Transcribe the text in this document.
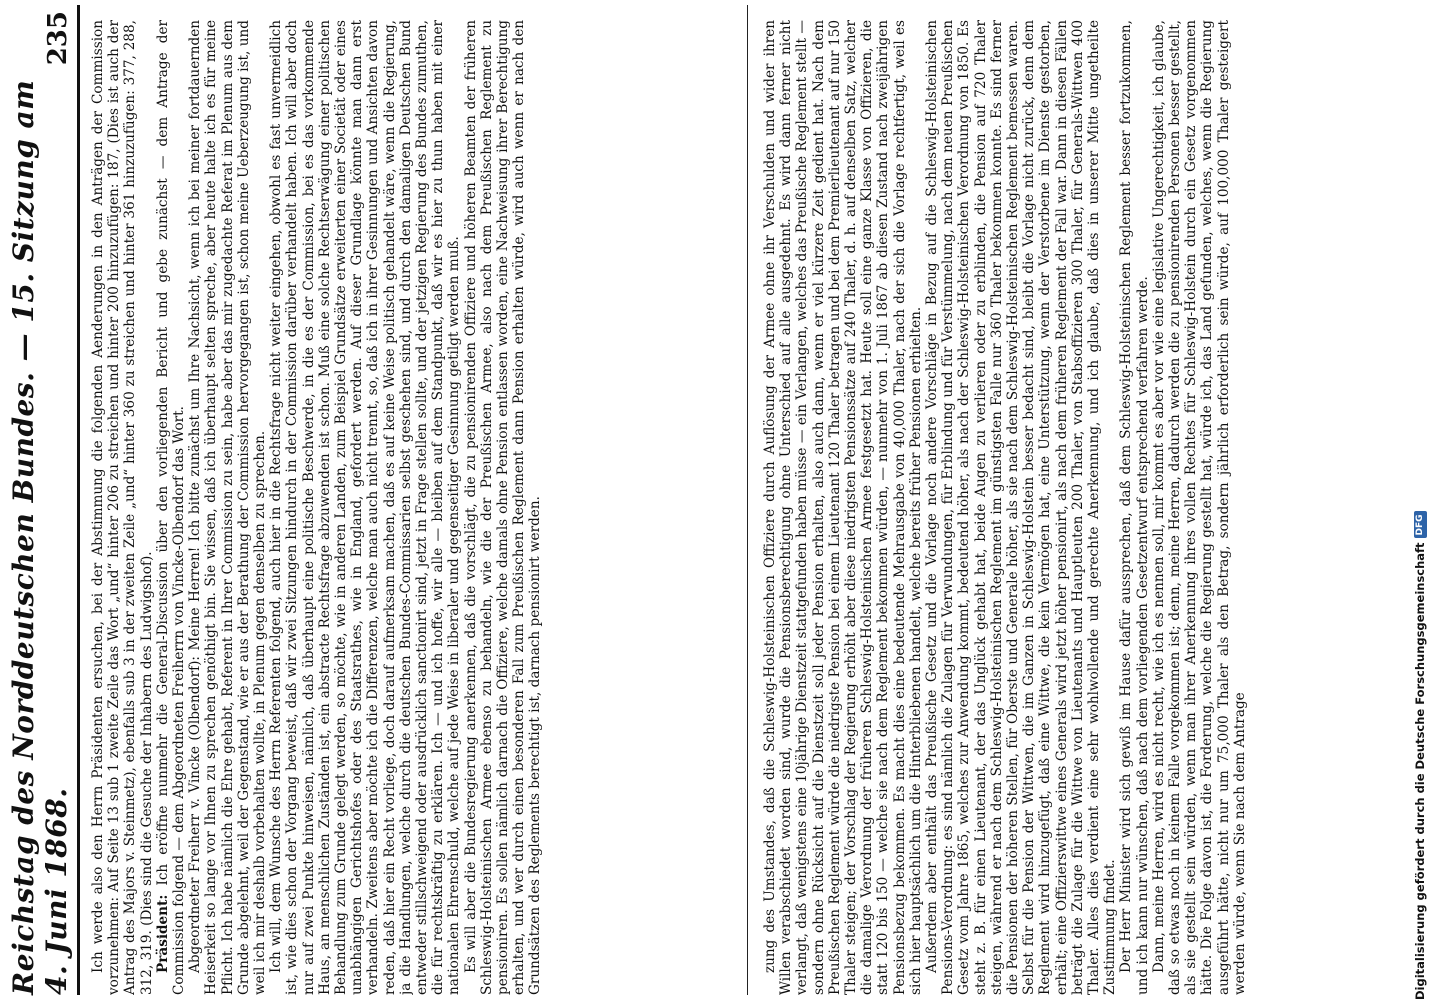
Reichstag des Norddeutschen Bundes. — 15. Sitzung am 4. Juni 1868.
235 Ich werde also den Herrn Präsidenten ersuchen, bei der Abstimmung die folgenden Aenderungen in den Anträgen der Commission vorzunehmen: Auf Seite 13 sub 1 zweite Zeile das Wort „und“ hinter 206 zu streichen und hinter 200 hinzuzufügen: 187, (Dies ist auch der Antrag des Majors v. Steinmetz), ebenfalls sub 3 in der zweiten Zeile „und“ hinter 360 zu streichen und hinter 361 hinzuzufügen: 377, 288, 312, 319. (Dies sind die Gesuche der Inhabern des Ludwigshof). Präsident: Ich eröffne nunmehr die General-Discussion über den vorliegenden Bericht und gebe zunächst — dem Antrage der Commission folgend — dem Abgeordneten Freiherrn von Vincke-Olbendorf das Wort. Abgeordneter Freiherr v. Vincke (Olbendorf): Meine Herren! Ich bitte zunächst um Ihre Nachsicht, wenn ich bei meiner fortdauernden Heiserkeit so lange vor Ihnen zu sprechen genöthigt bin. Sie wissen, daß ich überhaupt selten spreche, aber heute halte ich es für meine Pflicht. Ich habe nämlich die Ehre gehabt, Referent in Ihrer Commission zu sein, habe aber das mir zugedachte Referat im Plenum aus dem Grunde abgelehnt, weil der Gegenstand, wie er aus der Berathung der Commission hervorgegangen ist, schon meine Ueberzeugung ist, und weil ich mir deshalb vorbehalten wollte, in Plenum gegen denselben zu sprechen. Ich will, dem Wunsche des Herrn Referenten folgend, auch hier in die Rechtsfrage nicht weiter eingehen, obwohl es fast unvermeidlich ist, wie dies schon der Vorgang beweist, daß wir zwei Sitzungen hindurch in der Commission darüber verhandelt haben. Ich will aber doch nur auf zwei Punkte hinweisen, nämlich, daß überhaupt eine politische Beschwerde, in die es der Commission, bei es das vorkommende Haus, an menschlichen Zuständen ist, ein abstracte Rechtsfrage abzuwenden ist schon. Muß eine solche Rechtserwägung einer politischen Behandlung zum Grunde gelegt werden, so möchte, wie in anderen Landen, zum Beispiel Grundsätze erweiterten einer Societät oder eines unabhängigen Gerichtshofes oder des Staatsrathes, wie in England, gefordert werden. Auf dieser Grundlage könnte man dann erst verhandeln. Zweitens aber möchte ich die Differenzen, welche man auch nicht trennt, so, daß ich in ihrer Gesinnungen und Ansichten davon reden, daß hier ein Recht vorliege, doch darauf aufmerksam machen, daß es auf keine Weise politisch gehandelt wäre, wenn die Regierung, ja die Handlungen, welche durch die deutschen Bundes-Commissarien selbst geschehen sind, und durch den damaligen Deutschen Bund entweder stillschweigend oder ausdrücklich sanctionirt sind, jetzt in Frage stellen sollte, und der jetzigen Regierung des Bundes zumuthen, die für rechtskräftig zu erklären. Ich — und ich hoffe, wir alle — bleiben auf dem Standpunkt, daß wir es hier zu thun haben mit einer nationalen Ehrenschuld, welche auf jede Weise in liberaler und gegenseitiger Gesinnung getilgt werden muß. Es will aber die Bundesregierung anerkennen, daß die vorschlägt, die zu pensionirenden Offiziere und höheren Beamten der früheren Schleswig-Holsteinischen Armee ebenso zu behandeln, wie die der Preußischen Armee, also nach dem Preußischen Reglement zu pensioniren. Es sollen nämlich darnach die Offiziere, welche damals ohne Pension entlassen worden, eine Nachweisung ihrer Berechtigung erhalten, und wer durch einen besonderen Fall zum Preußischen Reglement dann Pension erhalten würde, wird auch wenn er nach den Grundsätzen des Reglements berechtigt ist, darnach pensionirt werden.	zung des Umstandes, daß die Schleswig-Holsteinischen Offiziere durch Auflösung der Armee ohne ihr Verschulden und wider ihren Willen verabschiedet worden sind, wurde die Pensionsberechtigung ohne Unterschied auf alle ausgedehnt. Es wird dann ferner nicht verlangt, daß wenigstens eine 10jährige Dienstzeit stattgefunden haben müsse — ein Verlangen, welches das Preußische Reglement stellt — sondern ohne Rücksicht auf die Dienstzeit soll jeder Pension erhalten, also auch dann, wenn er viel kürzere Zeit gedient hat. Nach dem Preußischen Reglement würde die niedrigste Pension bei einem Lieutenant 120 Thaler betragen und bei dem Premierlieutenant auf nur 150 Thaler steigen; der Vorschlag der Regierung erhöht aber diese niedrigsten Pensionssätze auf 240 Thaler, d. h. auf denselben Satz, welcher die damalige Verordnung der früheren Schleswig-Holsteinischen Armee festgesetzt hat. Heute soll eine ganze Klasse von Offizieren, die statt 120 bis 150 — welche sie nach dem Reglement bekommen würden, — nunmehr von 1. Juli 1867 ab diesen Zustand nach zweijährigen Pensionsbezug bekommen. Es macht dies eine bedeutende Mehrausgabe von 40,000 Thaler, nach der sich die Vorlage rechtfertigt, weil es sich hier hauptsächlich um die Hinterbliebenen handelt, welche bereits früher Pensionen erhielten. Außerdem aber enthält das Preußische Gesetz und die Vorlage noch andere Vorschläge in Bezug auf die Schleswig-Holsteinischen Pensions-Verordnung: es sind nämlich die Zulagen für Verwundungen, für Erblindung und für Verstümmelung, nach dem neuen Preußischen Gesetz vom Jahre 1865, welches zur Anwendung kommt, bedeutend höher, als nach der Schleswig-Holsteinischen Verordnung von 1850. Es steht z. B. für einen Lieutenant, der das Unglück gehabt hat, beide Augen zu verlieren oder zu erblinden, die Pension auf 720 Thaler steigen, während er nach dem Schleswig-Holsteinischen Reglement im günstigsten Falle nur 360 Thaler bekommen konnte. Es sind ferner die Pensionen der höheren Stellen, für Oberste und Generale höher, als sie nach dem Schleswig-Holsteinischen Reglement bemessen waren. Selbst für die Pension der Wittwen, die im Ganzen in Schleswig-Holstein besser bedacht sind, bleibt die Vorlage nicht zurück, denn dem Reglement wird hinzugefügt, daß eine Wittwe, die kein Vermögen hat, eine Unterstützung, wenn der Verstorbene im Dienste gestorben, erhält; eine Offizierswittwe eines Generals wird jetzt höher pensionirt, als nach dem früheren Reglement der Fall war. Dann in diesen Fällen beträgt die Zulage für die Wittwe von Lieutenants und Hauptleuten 200 Thaler, von Stabsoffizieren 300 Thaler, für Generals-Wittwen 400 Thaler. Alles dies verdient eine sehr wohlwollende und gerechte Anerkennung, und ich glaube, daß dies in unserer Mitte ungetheilte Zustimmung findet. Der Herr Minister wird sich gewiß im Hause dafür aussprechen, daß dem Schleswig-Holsteinischen Reglement besser fortzukommen, und ich kann nur wünschen, daß nach dem vorliegenden Gesetzentwurf entsprechend verfahren werde. Dann, meine Herren, wird es nicht recht, wie ich es nennen soll, mir kommt es aber vor wie eine legislative Ungerechtigkeit, ich glaube, daß so etwas noch in keinem Falle vorgekommen ist; denn, meine Herren, dadurch werden die zu pensionirenden Personen besser gestellt, als sie gestellt sein würden, wenn man ihrer Anerkennung ihres vollen Rechtes für Schleswig-Holstein durch ein Gesetz vorgenommen hätte. Die Folge davon ist, die Forderung, welche die Regierung gestellt hat, würde ich, das Land gefunden, welches, wenn die Regierung ausgeführt hätte, nicht nur um 75,000 Thaler als den Betrag, sondern jährlich erforderlich sein würde, auf 100,000 Thaler gesteigert werden würde, wenn Sie nach dem Antrage	Digitalisierung gefördert durch die Deutsche Forschungsgemeinschaft
DFG
